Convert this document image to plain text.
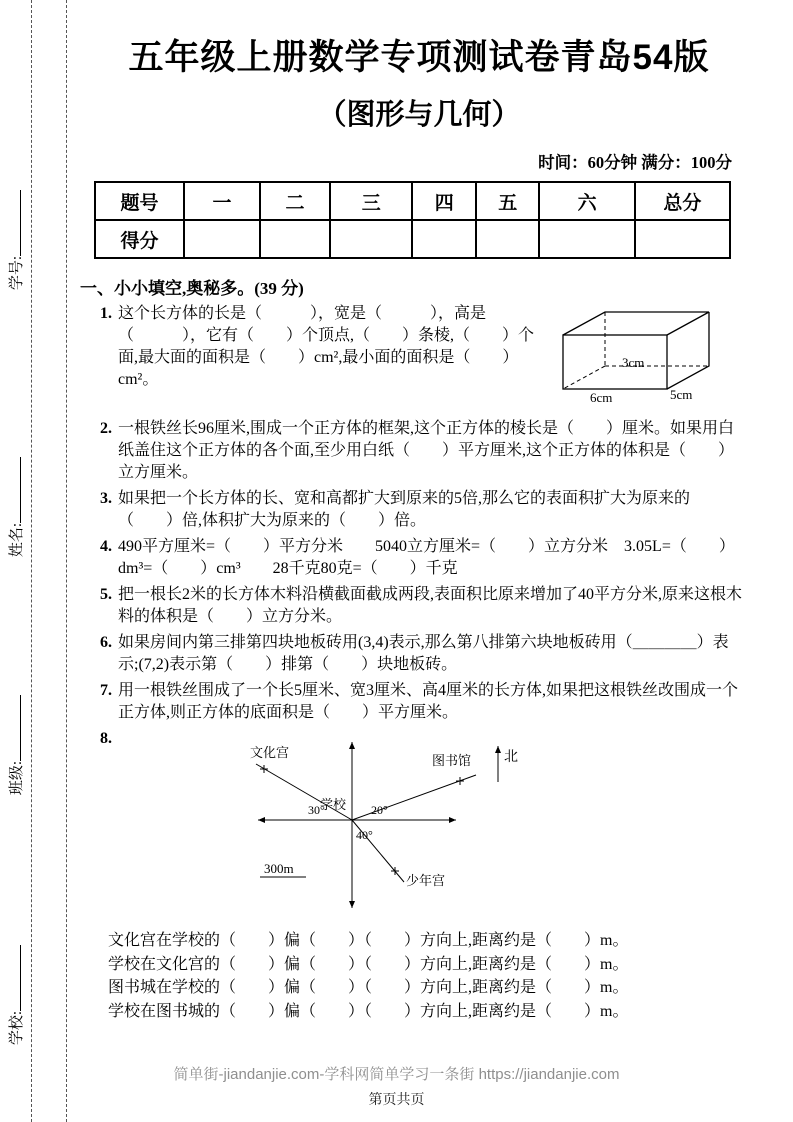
学号:
姓名:
班级:
学校:
五年级上册数学专项测试卷青岛54版
（图形与几何）
时间：60分钟 满分：100分
题号	一	二	三	四	五	六	总分
得分							
一、小小填空,奥秘多。(39 分)
1. 这个长方体的长是（　　　），宽是（　　　），高是（　　　），它有（　　）个顶点,（　　）条棱,（　　）个面,最大面的面积是（　　）cm²,最小面的面积是（　　）cm²。
3cm
6cm	5cm
2. 一根铁丝长96厘米,围成一个正方体的框架,这个正方体的棱长是（　　）厘米。如果用白纸盖住这个正方体的各个面,至少用白纸（　　）平方厘米,这个正方体的体积是（　　）立方厘米。
3. 如果把一个长方体的长、宽和高都扩大到原来的5倍,那么它的表面积扩大为原来的（　　）倍,体积扩大为原来的（　　）倍。
4. 490平方厘米=（　　）平方分米　　5040立方厘米=（　　）立方分米　3.05L=（　　）dm³=（　　）cm³　　28千克80克=（　　）千克
5. 把一根长2米的长方体木料沿横截面截成两段,表面积比原来增加了40平方分米,原来这根木料的体积是（　　）立方分米。
6. 如果房间内第三排第四块地板砖用(3,4)表示,那么第八排第六块地板砖用（＿＿＿＿）表示;(7,2)表示第（　　）排第（　　）块地板砖。
7. 用一根铁丝围成了一个长5厘米、宽3厘米、高4厘米的长方体,如果把这根铁丝改围成一个正方体,则正方体的底面积是（　　）平方厘米。
8.
文化宫
图书馆
学校
少年宫
北
300m
30°	20°
40°
文化宫在学校的（　　）偏（　　）（　　）方向上,距离约是（　　）m。
学校在文化宫的（　　）偏（　　）（　　）方向上,距离约是（　　）m。
图书城在学校的（　　）偏（　　）（　　）方向上,距离约是（　　）m。
学校在图书城的（　　）偏（　　）（　　）方向上,距离约是（　　）m。
简单街-jiandanjie.com-学科网简单学习一条街 https://jiandanjie.com
第页共页
